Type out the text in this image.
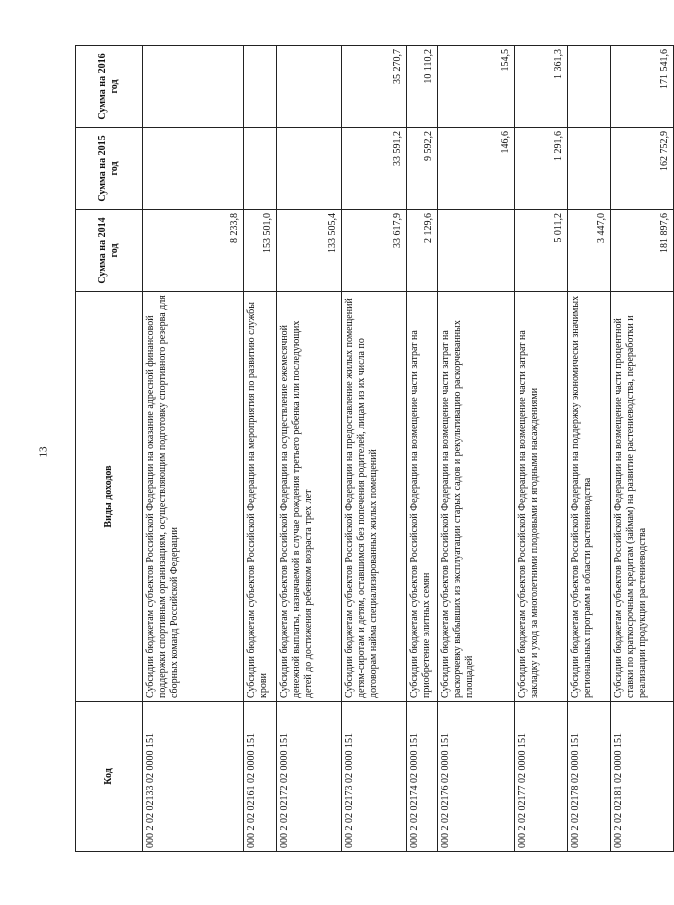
13
Код	Виды доходов	Сумма на 2014 год	Сумма на 2015 год	Сумма на 2016 год
000 2 02 02133 02 0000 151	Субсидии бюджетам субъектов Российской Федерации на оказание адресной финансовой поддержки спортивным организациям, осуществляющим подготовку спортивного резерва для сборных команд Российской Федерации	8 233,8		
000 2 02 02161 02 0000 151	Субсидии бюджетам субъектов Российской Федерации на мероприятия по развитию службы крови	153 501,0		
000 2 02 02172 02 0000 151	Субсидии бюджетам субъектов Российской Федерации на осуществление ежемесячной денежной выплаты, назначаемой в случае рождения третьего ребенка или последующих детей до достижения ребенком возраста трех лет	133 505,4		
000 2 02 02173 02 0000 151	Субсидии бюджетам субъектов Российской Федерации на предоставление жилых помещений детям-сиротам и детям, оставшимся без попечения родителей, лицам из их числа по договорам найма специализированных жилых помещений	33 617,9	33 591,2	35 270,7
000 2 02 02174 02 0000 151	Субсидии бюджетам субъектов Российской Федерации на возмещение части затрат на приобретение элитных семян	2 129,6	9 592,2	10 110,2
000 2 02 02176 02 0000 151	Субсидии бюджетам субъектов Российской Федерации на возмещение части затрат на раскорчевку выбывших из эксплуатации старых садов и рекультивацию раскорчеванных площадей		146,6	154,5
000 2 02 02177 02 0000 151	Субсидии бюджетам субъектов Российской Федерации на возмещение части затрат на закладку и уход за многолетними плодовыми и ягодными насаждениями	5 011,2	1 291,6	1 361,3
000 2 02 02178 02 0000 151	Субсидии бюджетам субъектов Российской Федерации на поддержку экономически значимых региональных программ в области растениеводства	3 447,0		
000 2 02 02181 02 0000 151	Субсидии бюджетам субъектов Российской Федерации на возмещение части процентной ставки по краткосрочным кредитам (займам) на развитие растениеводства, переработки и реализации продукции растениеводства	181 897,6	162 752,9	171 541,6
